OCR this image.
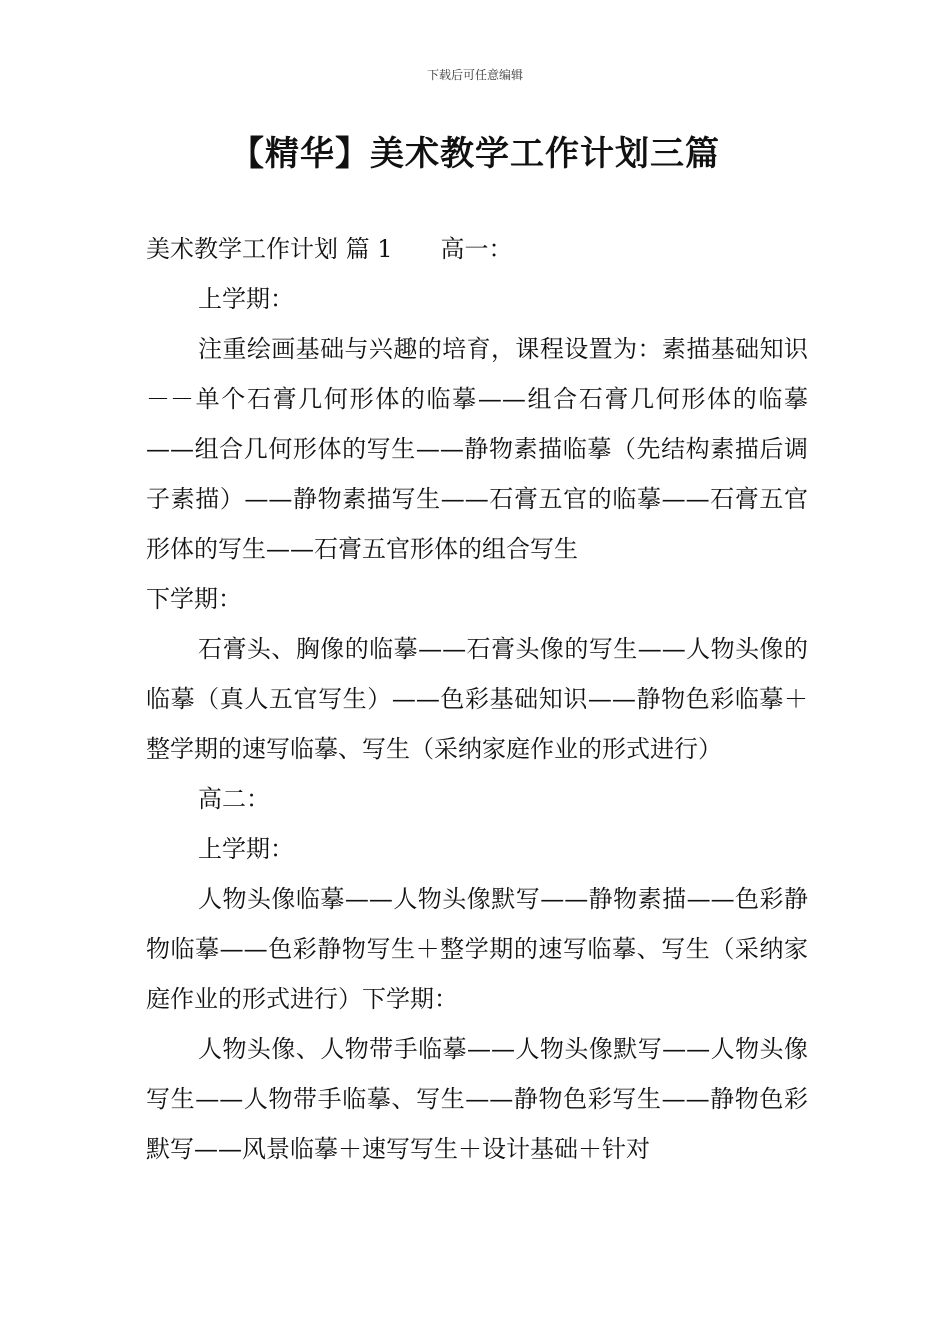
下载后可任意编辑
【精华】美术教学工作计划三篇

美术教学工作计划 篇 1 高一：

上学期：

注重绘画基础与兴趣的培育，课程设置为：素描基础知识－－单个石膏几何形体的临摹——组合石膏几何形体的临摹——组合几何形体的写生——静物素描临摹（先结构素描后调子素描）——静物素描写生——石膏五官的临摹——石膏五官形体的写生——石膏五官形体的组合写生

下学期：

石膏头、胸像的临摹——石膏头像的写生——人物头像的临摹（真人五官写生）——色彩基础知识——静物色彩临摹＋整学期的速写临摹、写生（采纳家庭作业的形式进行）

高二：

上学期：

人物头像临摹——人物头像默写——静物素描——色彩静物临摹——色彩静物写生＋整学期的速写临摹、写生（采纳家庭作业的形式进行）下学期：

人物头像、人物带手临摹——人物头像默写——人物头像写生——人物带手临摹、写生——静物色彩写生——静物色彩默写——风景临摹＋速写写生＋设计基础＋针对
